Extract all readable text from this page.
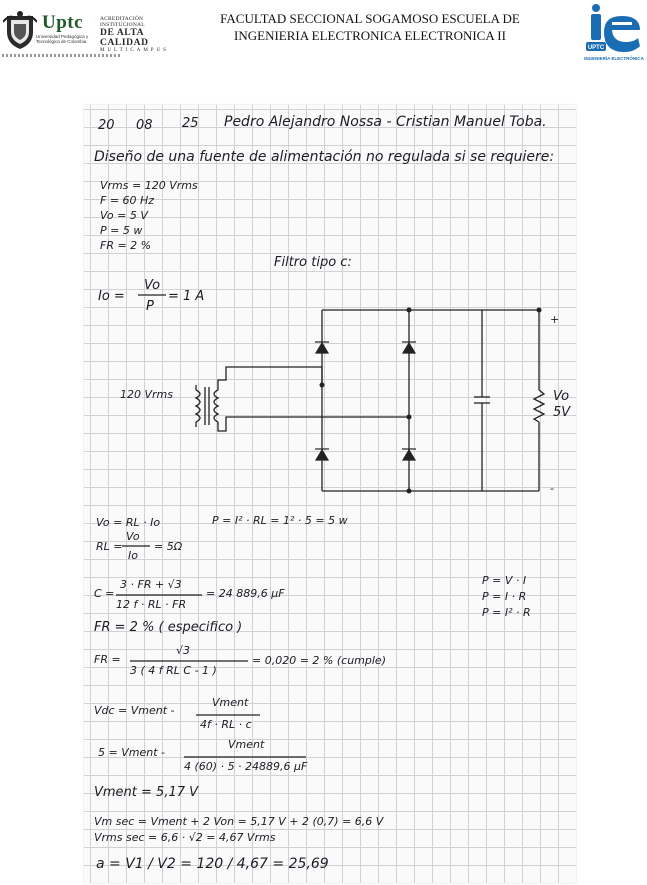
Uptc
Universidad Pedagógica y
Tecnológica de Colombia
ACREDITACIÓN INSTITUCIONAL
DE ALTA CALIDAD
MULTICAMPUS
FACULTAD SECCIONAL SOGAMOSO ESCUELA DE
INGENIERIA ELECTRONICA ELECTRONICA II
UPTC
INGENIERÍA ELECTRÓNICA
20 08 25 Pedro Alejandro Nossa - Cristian Manuel Toba.
Diseño de una fuente de alimentación no regulada si se requiere:
Vrms = 120 Vrms
F = 60 Hz
Vo = 5 V
P = 5 w
FR = 2 %
Filtro tipo c:
Io =
Vo
P
= 1 A
120 Vrms
+
-
Vo
5V
Vo = RL · Io	P = I² · RL = 1² · 5 = 5 w
RL =
Vo
Io
= 5Ω
C =
3 · FR + √3
12 f · RL · FR
= 24 889,6 μF
P = V · I
P = I · R
P = I² · R
FR = 2 % ( especifico )
FR =
√3
3 ( 4 f RL C - 1 )
= 0,020 = 2 % (cumple)
Vdc = Vment -
Vment
4f · RL · c
5 = Vment -
Vment
4 (60) · 5 · 24889,6 μF
Vment = 5,17 V
Vm sec = Vment + 2 Von = 5,17 V + 2 (0,7) = 6,6 V
Vrms sec = 6,6 · √2 = 4,67 Vrms
a = V1 / V2 = 120 / 4,67 = 25,69
